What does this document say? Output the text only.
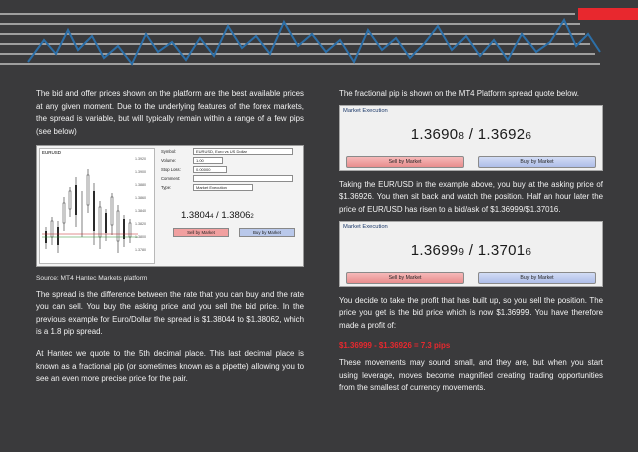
The bid and offer prices shown on the platform are the best available prices at any given moment. Due to the underlying features of the forex markets, the spread is variable, but will typically remain within a range of a few pips (see below)

EURUSD
1.3920
1.3900
1.3880
1.3860
1.3840
1.3820
1.3800
1.3780
Symbol:	EURUSD, Euro vs US Dollar
Volume:	1.00
Stop Loss:	0.00000
Comment:
Type:	Market Execution
1.38044 / 1.38062
Sell by Market	Buy by Market

Source: MT4 Hantec Markets platform

The spread is the difference between the rate that you can buy and the rate you can sell. You buy the asking price and you sell the bid price. In the previous example for Euro/Dollar the spread is $1.38044 to $1.38062, which is a 1.8 pip spread.

At Hantec we quote to the 5th decimal place. This last decimal place is known as a fractional pip (or sometimes known as a pipette) allowing you to see an even more precise price for the pair.

The fractional pip is shown on the MT4 Platform spread quote below.

Market Execution
1.36908 / 1.36926
Sell by Market	Buy by Market

Taking the EUR/USD in the example above, you buy at the asking price of $1.36926. You then sit back and watch the position. Half an hour later the price of EUR/USD has risen to a bid/ask of $1.36999/$1.37016.

Market Execution
1.36999 / 1.37016
Sell by Market	Buy by Market

You decide to take the profit that has built up, so you sell the position. The price you get is the bid price which is now $1.36999. You have therefore made a profit of:

$1.36999 - $1.36926 = 7.3 pips

These movements may sound small, and they are, but when you start using leverage, moves become magnified creating trading opportunities from the smallest of currency movements.
